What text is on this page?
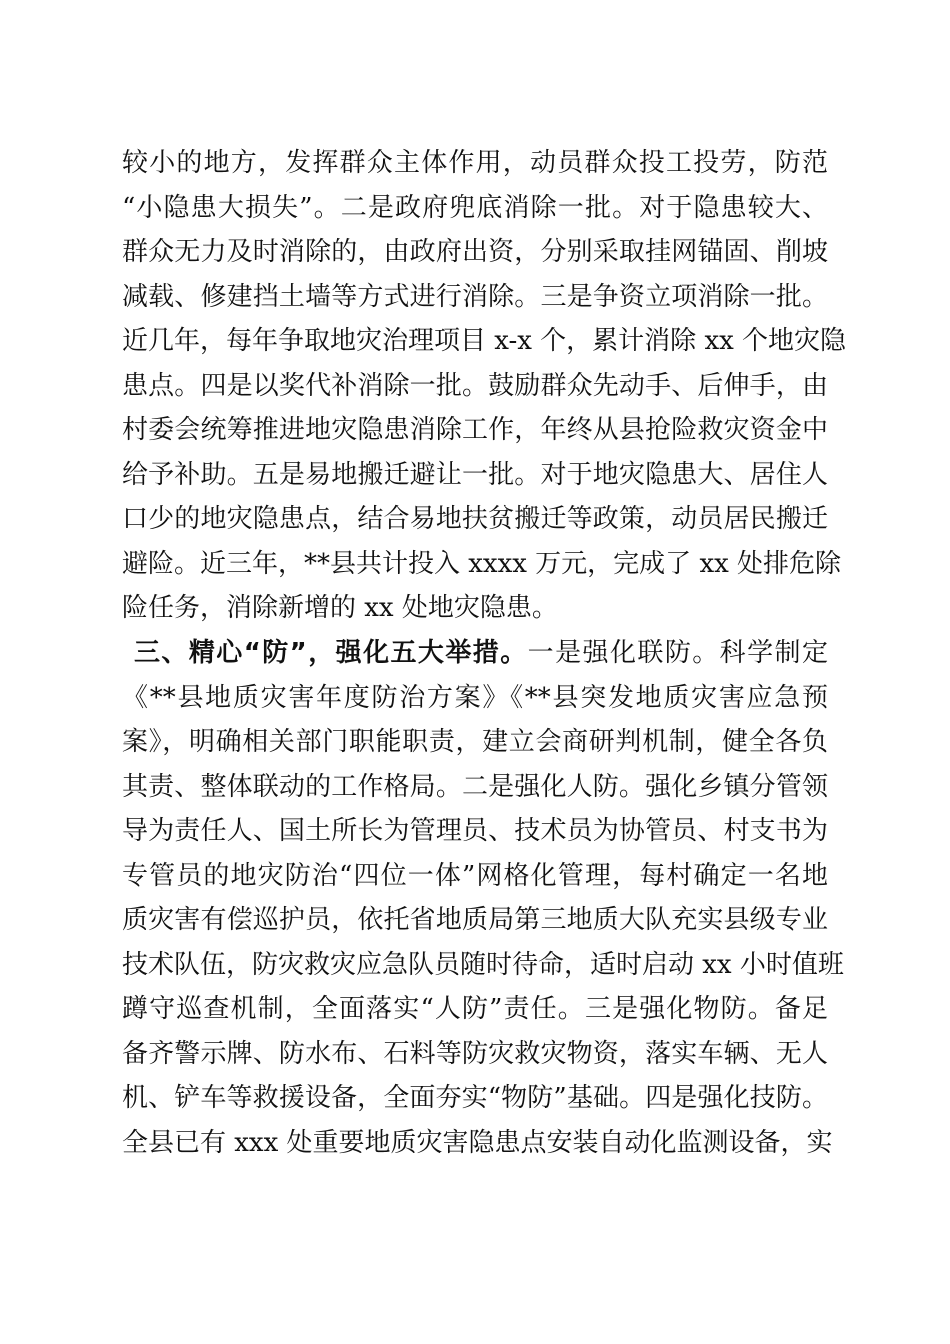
较小的地方，发挥群众主体作用，动员群众投工投劳，防范
“小隐患大损失”。二是政府兜底消除一批。对于隐患较大、
群众无力及时消除的，由政府出资，分别采取挂网锚固、削坡
减载、修建挡土墙等方式进行消除。三是争资立项消除一批。
近几年，每年争取地灾治理项目 x-x 个，累计消除 xx 个地灾隐
患点。四是以奖代补消除一批。鼓励群众先动手、后伸手，由
村委会统筹推进地灾隐患消除工作，年终从县抢险救灾资金中
给予补助。五是易地搬迁避让一批。对于地灾隐患大、居住人
口少的地灾隐患点，结合易地扶贫搬迁等政策，动员居民搬迁
避险。近三年，**县共计投入 xxxx 万元，完成了 xx 处排危除
险任务，消除新增的 xx 处地灾隐患。
三、精心“防”，强化五大举措。一是强化联防。科学制定
《**县地质灾害年度防治方案》《**县突发地质灾害应急预
案》，明确相关部门职能职责，建立会商研判机制，健全各负
其责、整体联动的工作格局。二是强化人防。强化乡镇分管领
导为责任人、国土所长为管理员、技术员为协管员、村支书为
专管员的地灾防治“四位一体”网格化管理，每村确定一名地
质灾害有偿巡护员，依托省地质局第三地质大队充实县级专业
技术队伍，防灾救灾应急队员随时待命，适时启动 xx 小时值班
蹲守巡查机制，全面落实“人防”责任。三是强化物防。备足
备齐警示牌、防水布、石料等防灾救灾物资，落实车辆、无人
机、铲车等救援设备，全面夯实“物防”基础。四是强化技防。
全县已有 xxx 处重要地质灾害隐患点安装自动化监测设备，实
